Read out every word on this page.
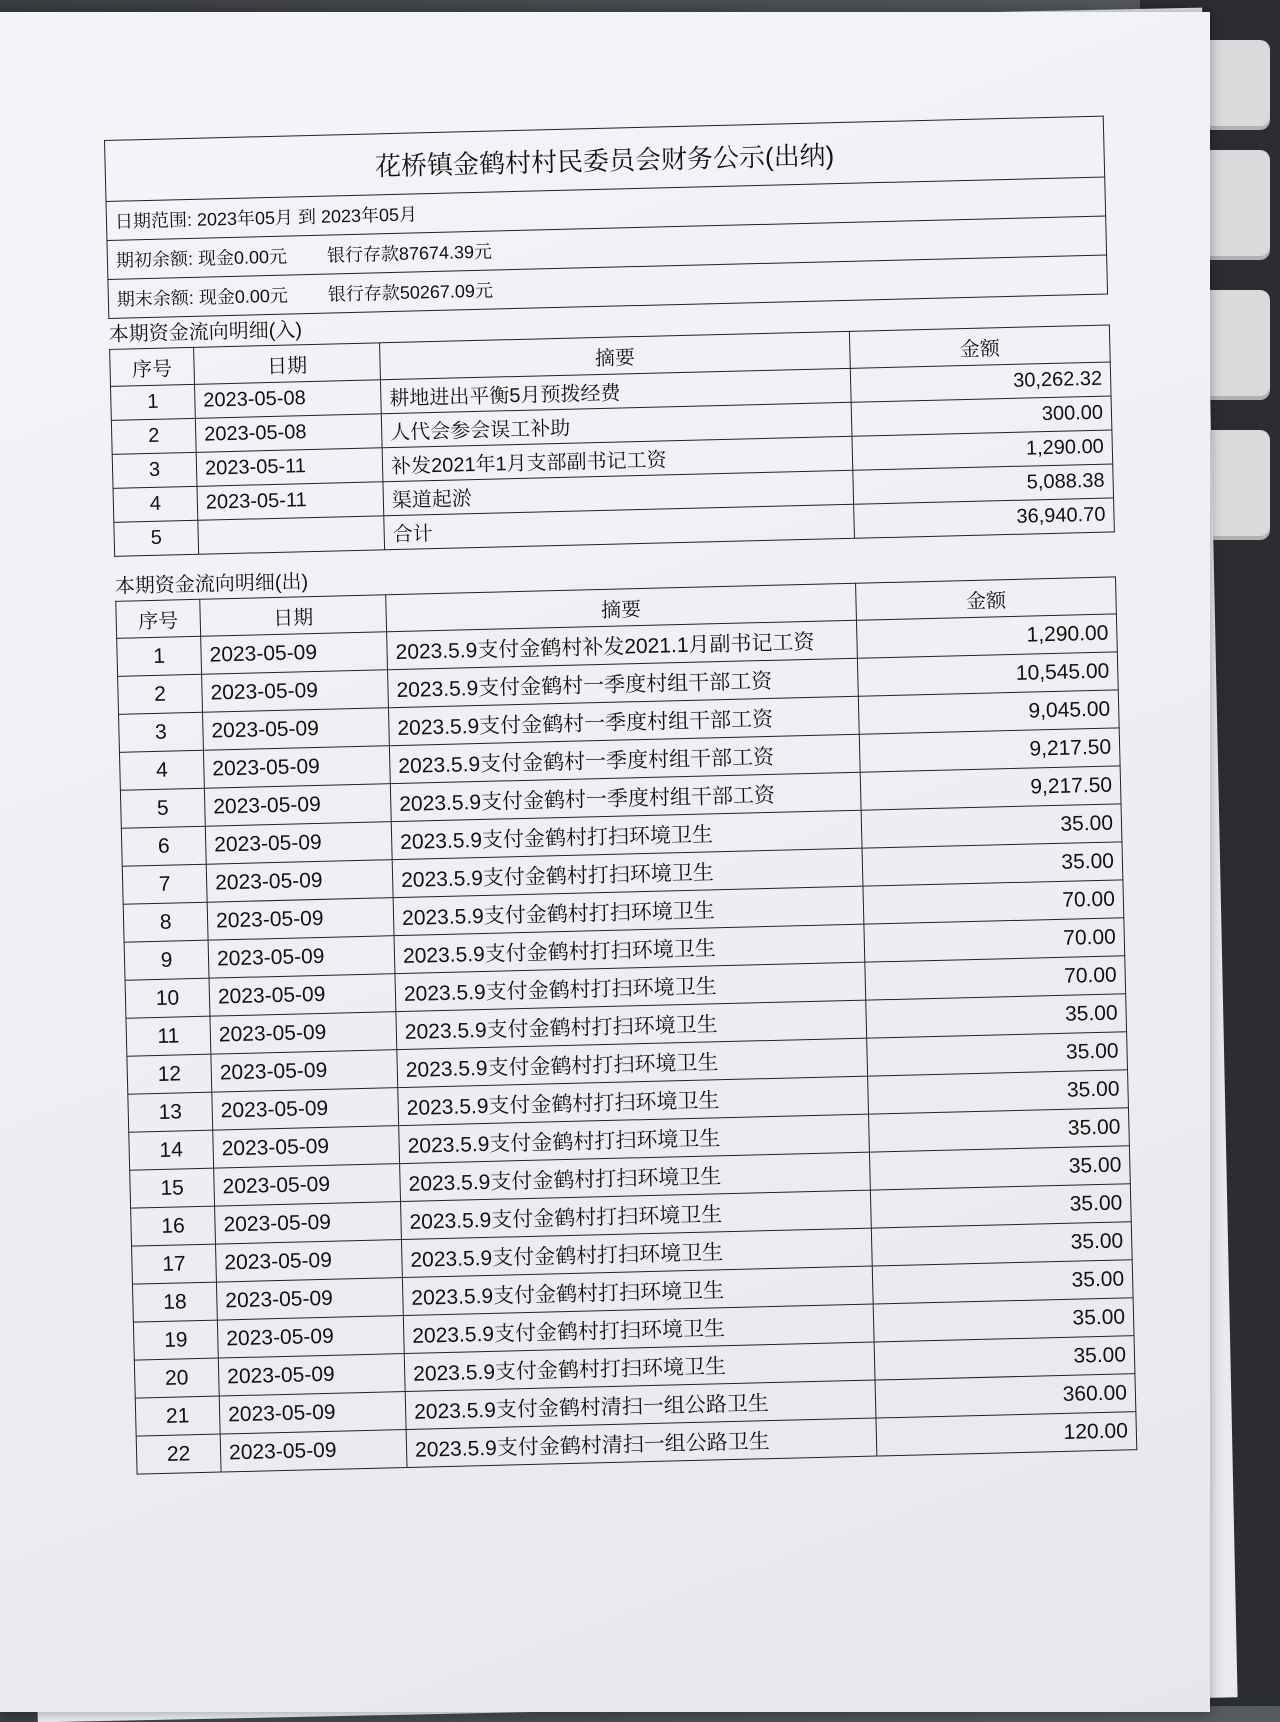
花桥镇金鹤村村民委员会财务公示(出纳)
日期范围: 2023年05月 到 2023年05月
期初余额: 现金0.00元 银行存款87674.39元
期末余额: 现金0.00元 银行存款50267.09元
本期资金流向明细(入)
序号	日期	摘要	金额
1	2023-05-08	耕地进出平衡5月预拨经费	30,262.32
2	2023-05-08	人代会参会误工补助	300.00
3	2023-05-11	补发2021年1月支部副书记工资	1,290.00
4	2023-05-11	渠道起淤	5,088.38
5		合计	36,940.70
本期资金流向明细(出)
序号	日期	摘要	金额
1	2023-05-09	2023.5.9支付金鹤村补发2021.1月副书记工资	1,290.00
2	2023-05-09	2023.5.9支付金鹤村一季度村组干部工资	10,545.00
3	2023-05-09	2023.5.9支付金鹤村一季度村组干部工资	9,045.00
4	2023-05-09	2023.5.9支付金鹤村一季度村组干部工资	9,217.50
5	2023-05-09	2023.5.9支付金鹤村一季度村组干部工资	9,217.50
6	2023-05-09	2023.5.9支付金鹤村打扫环境卫生	35.00
7	2023-05-09	2023.5.9支付金鹤村打扫环境卫生	35.00
8	2023-05-09	2023.5.9支付金鹤村打扫环境卫生	70.00
9	2023-05-09	2023.5.9支付金鹤村打扫环境卫生	70.00
10	2023-05-09	2023.5.9支付金鹤村打扫环境卫生	70.00
11	2023-05-09	2023.5.9支付金鹤村打扫环境卫生	35.00
12	2023-05-09	2023.5.9支付金鹤村打扫环境卫生	35.00
13	2023-05-09	2023.5.9支付金鹤村打扫环境卫生	35.00
14	2023-05-09	2023.5.9支付金鹤村打扫环境卫生	35.00
15	2023-05-09	2023.5.9支付金鹤村打扫环境卫生	35.00
16	2023-05-09	2023.5.9支付金鹤村打扫环境卫生	35.00
17	2023-05-09	2023.5.9支付金鹤村打扫环境卫生	35.00
18	2023-05-09	2023.5.9支付金鹤村打扫环境卫生	35.00
19	2023-05-09	2023.5.9支付金鹤村打扫环境卫生	35.00
20	2023-05-09	2023.5.9支付金鹤村打扫环境卫生	35.00
21	2023-05-09	2023.5.9支付金鹤村清扫一组公路卫生	360.00
22	2023-05-09	2023.5.9支付金鹤村清扫一组公路卫生	120.00
